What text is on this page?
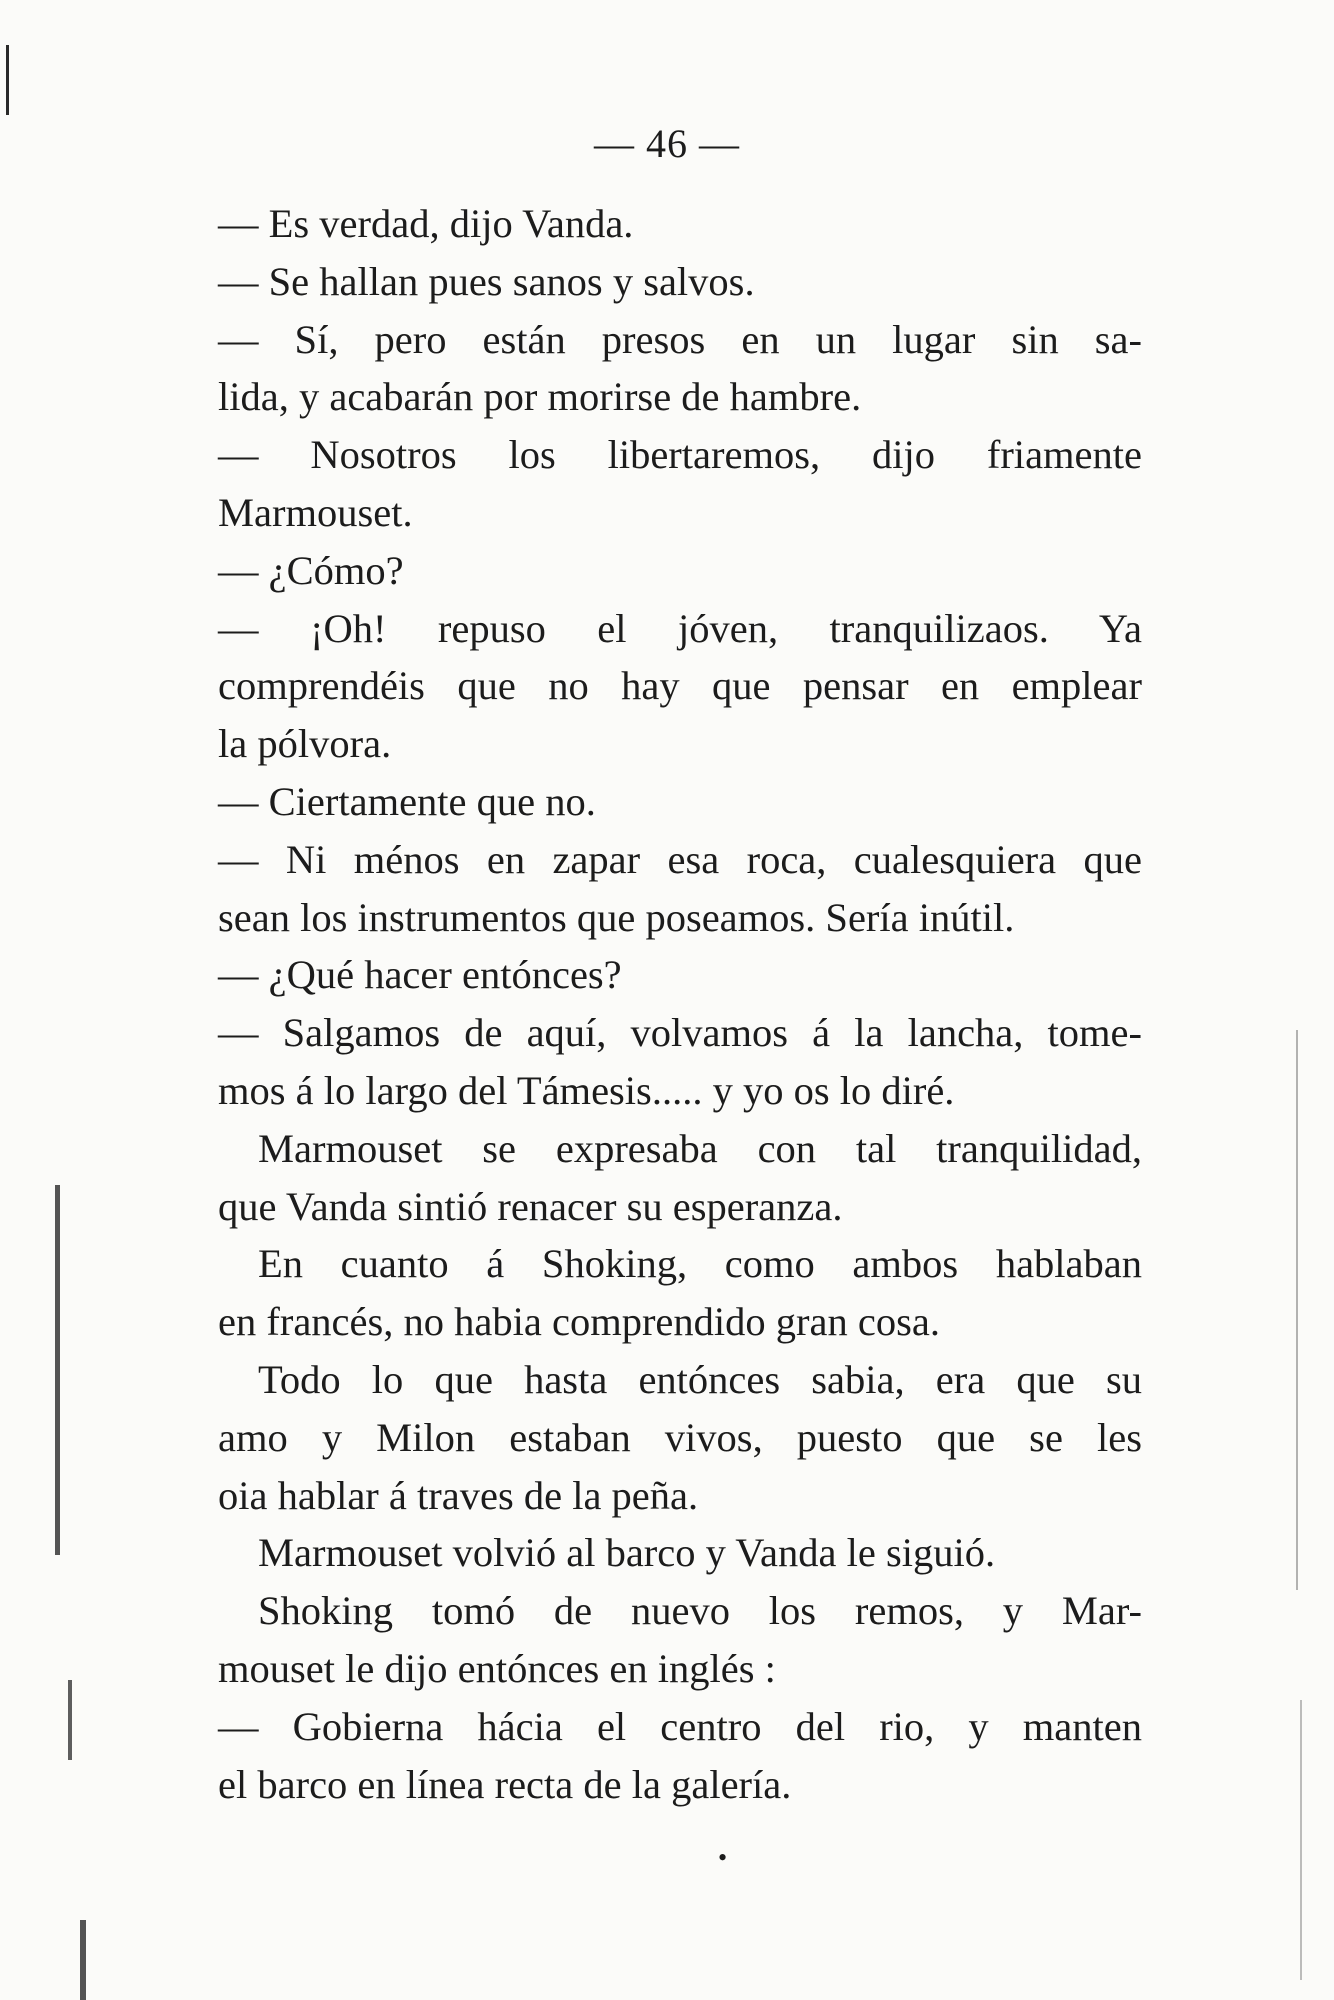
— 46 —
— Es verdad, dijo Vanda.
— Se hallan pues sanos y salvos.
— Sí, pero están presos en un lugar sin sa-
lida, y acabarán por morirse de hambre.
— Nosotros los libertaremos, dijo friamente
Marmouset.
— ¿Cómo?
— ¡Oh! repuso el jóven, tranquilizaos. Ya
comprendéis que no hay que pensar en emplear
la pólvora.
— Ciertamente que no.
— Ni ménos en zapar esa roca, cualesquiera que
sean los instrumentos que poseamos. Sería inútil.
— ¿Qué hacer entónces?
— Salgamos de aquí, volvamos á la lancha, tome-
mos á lo largo del Támesis..... y yo os lo diré.
Marmouset se expresaba con tal tranquilidad,
que Vanda sintió renacer su esperanza.
En cuanto á Shoking, como ambos hablaban
en francés, no habia comprendido gran cosa.
Todo lo que hasta entónces sabia, era que su
amo y Milon estaban vivos, puesto que se les
oia hablar á traves de la peña.
Marmouset volvió al barco y Vanda le siguió.
Shoking tomó de nuevo los remos, y Mar-
mouset le dijo entónces en inglés :
— Gobierna hácia el centro del rio, y manten
el barco en línea recta de la galería.
•
